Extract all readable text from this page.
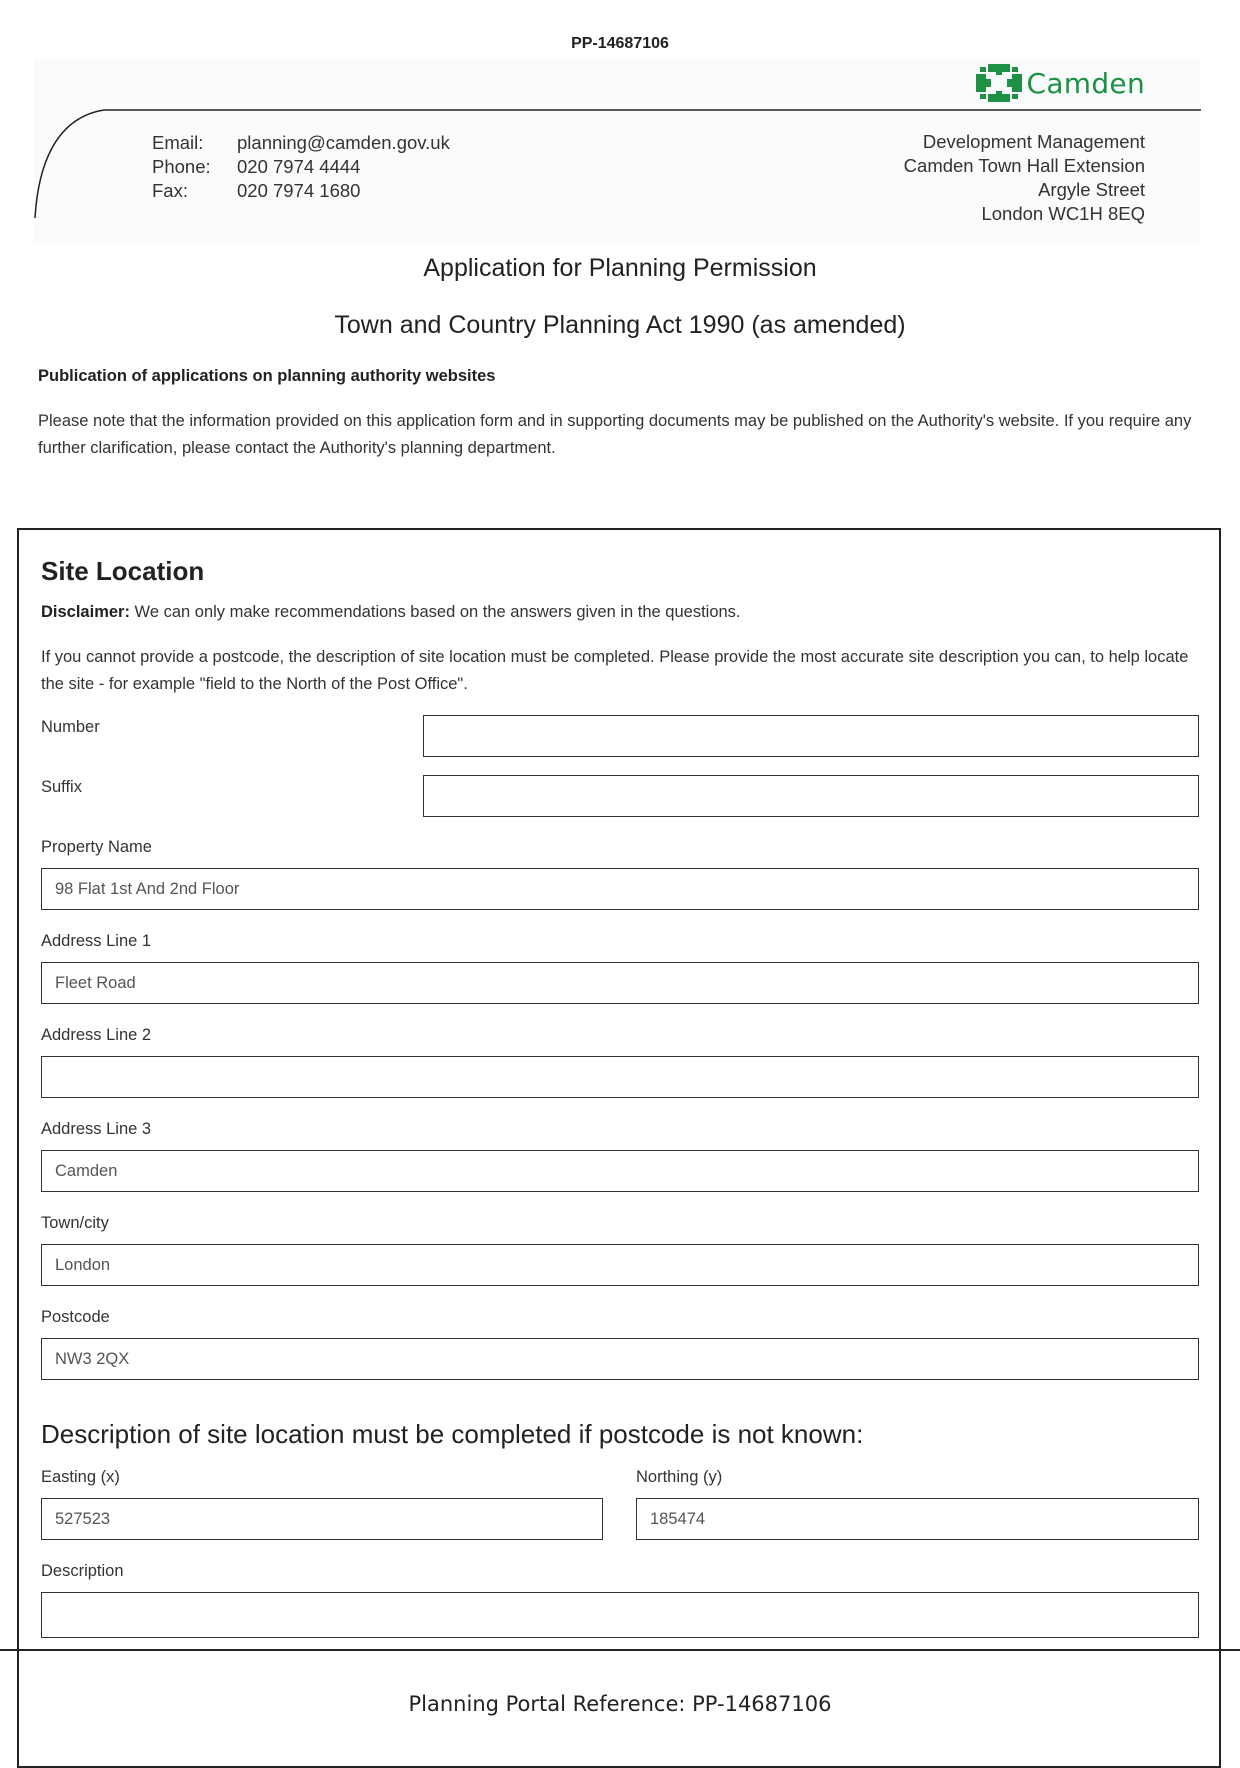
PP-14687106
Camden
Email: planning@camden.gov.uk
Phone: 020 7974 4444
Fax:	020 7974 1680
Development Management
Camden Town Hall Extension
Argyle Street
London WC1H 8EQ
Application for Planning Permission
Town and Country Planning Act 1990 (as amended)
Publication of applications on planning authority websites
Please note that the information provided on this application form and in supporting documents may be published on the Authority's website. If you require any further clarification, please contact the Authority's planning department.
Site Location
Disclaimer: We can only make recommendations based on the answers given in the questions.
If you cannot provide a postcode, the description of site location must be completed. Please provide the most accurate site description you can, to help locate the site - for example "field to the North of the Post Office".
Number
Suffix
Property Name
98 Flat 1st And 2nd Floor
Address Line 1
Fleet Road
Address Line 2
Address Line 3
Camden
Town/city
London
Postcode
NW3 2QX
Description of site location must be completed if postcode is not known:
Easting (x)
527523
Northing (y)
185474
Description
Planning Portal Reference: PP-14687106
